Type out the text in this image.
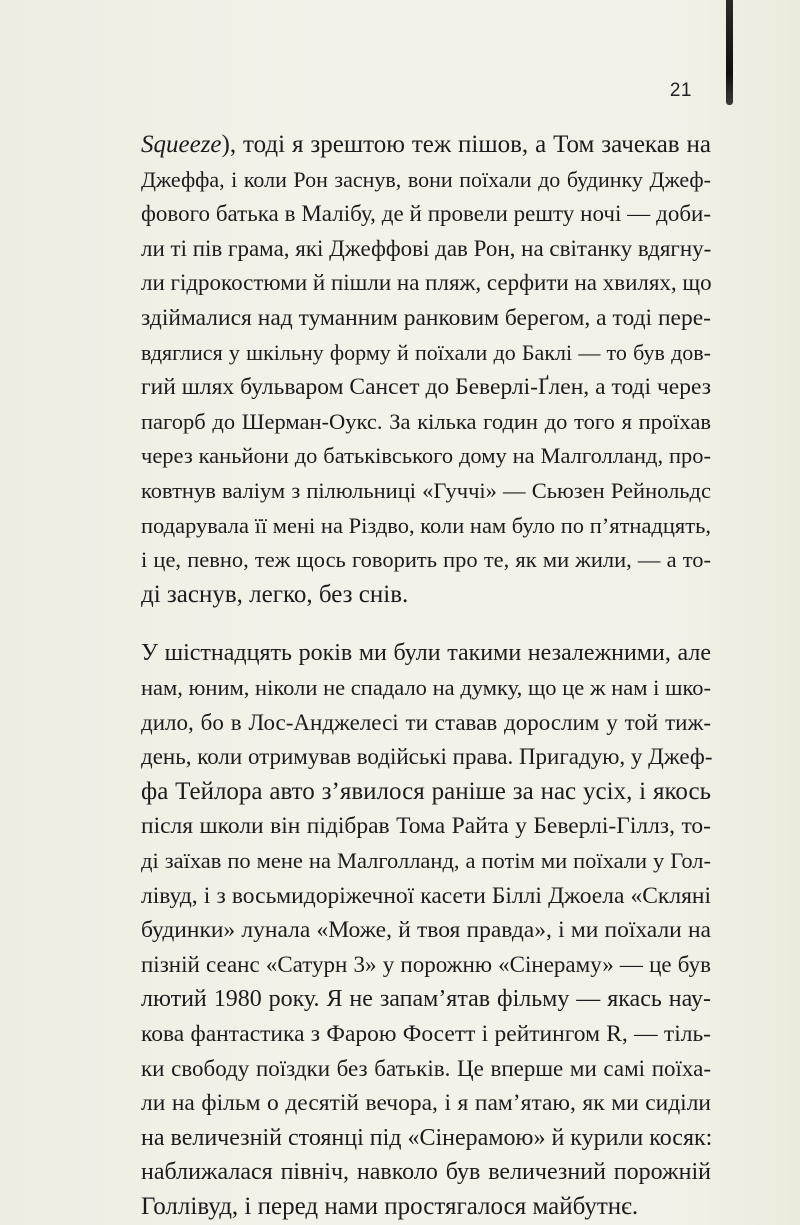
21
Squeeze), тоді я зрештою теж пішов, а Том зачекав на
Джеффа, і коли Рон заснув, вони поїхали до будинку Джеф-
фового батька в Малібу, де й провели решту ночі — доби-
ли ті пів грама, які Джеффові дав Рон, на світанку вдягну-
ли гідрокостюми й пішли на пляж, серфити на хвилях, що
здіймалися над туманним ранковим берегом, а тоді пере-
вдяглися у шкільну форму й поїхали до Баклі — то був дов-
гий шлях бульваром Сансет до Беверлі-Ґлен, а тоді через
пагорб до Шерман-Оукс. За кілька годин до того я проїхав
через каньйони до батьківського дому на Малголланд, про-
ковтнув валіум з пілюльниці «Гуччі» — Сьюзен Рейнольдс
подарувала її мені на Різдво, коли нам було по п’ятнадцять,
і це, певно, теж щось говорить про те, як ми жили, — а то-
ді заснув, легко, без снів.
У шістнадцять років ми були такими незалежними, але
нам, юним, ніколи не спадало на думку, що це ж нам і шко-
дило, бо в Лос-Анджелесі ти ставав дорослим у той тиж-
день, коли отримував водійські права. Пригадую, у Джеф-
фа Тейлора авто з’явилося раніше за нас усіх, і якось
після школи він підібрав Тома Райта у Беверлі-Гіллз, то-
ді заїхав по мене на Малголланд, а потім ми поїхали у Гол-
лівуд, і з восьмидоріжечної касети Біллі Джоела «Скляні
будинки» лунала «Може, й твоя правда», і ми поїхали на
пізній сеанс «Сатурн 3» у порожню «Сінераму» — це був
лютий 1980 року. Я не запам’ятав фільму — якась нау-
кова фантастика з Фарою Фосетт і рейтингом R, — тіль-
ки свободу поїздки без батьків. Це вперше ми самі поїха-
ли на фільм о десятій вечора, і я пам’ятаю, як ми сиділи
на величезній стоянці під «Сінерамою» й курили косяк:
наближалася північ, навколо був величезний порожній
Голлівуд, і перед нами простягалося майбутнє.
